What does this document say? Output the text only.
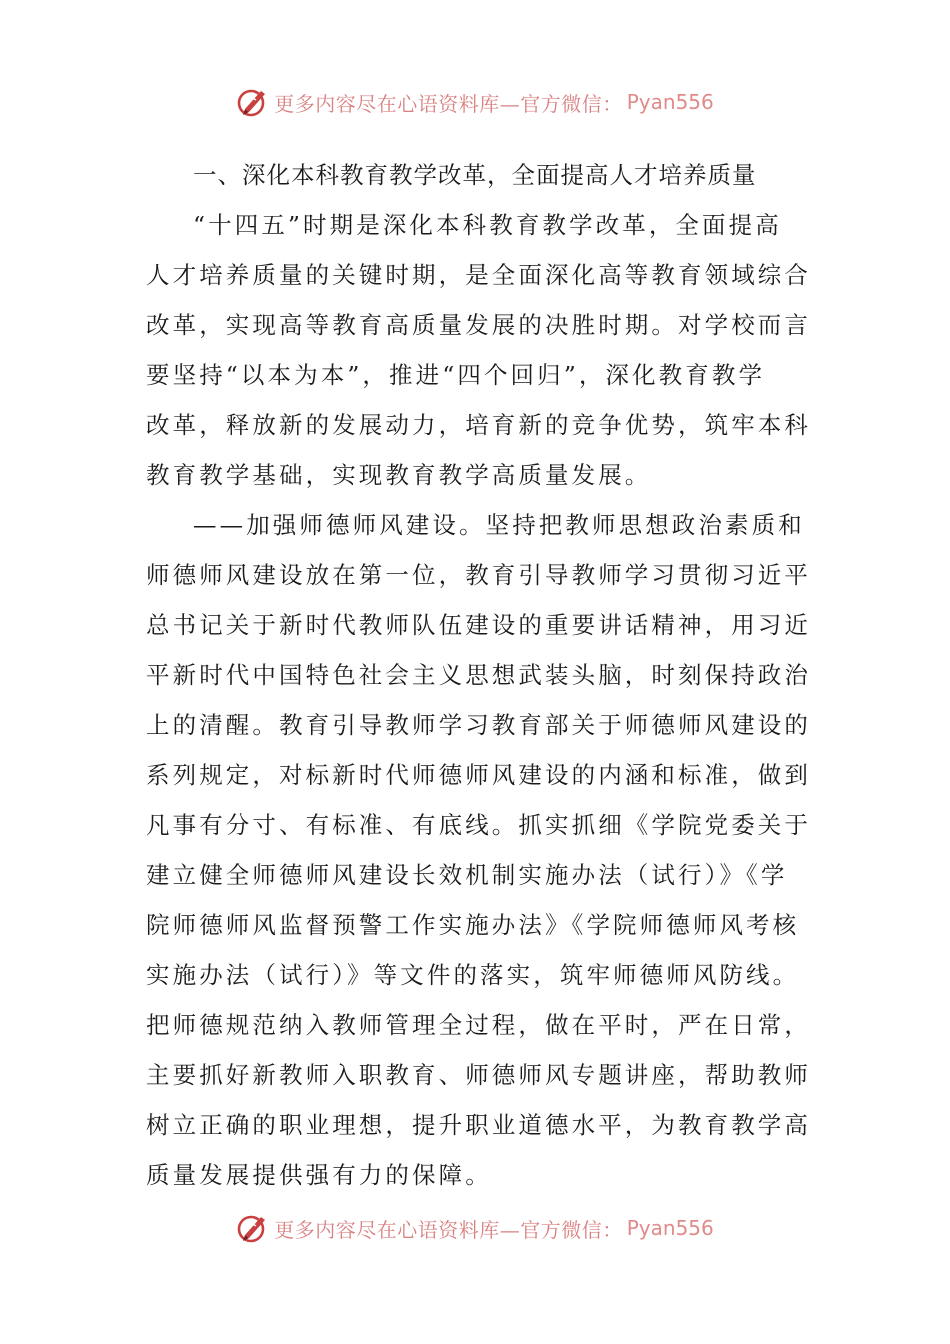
更多内容尽在心语资料库—官方微信： Pyan556
一、深化本科教育教学改革，全面提高人才培养质量

“十四五”时期是深化本科教育教学改革，全面提高
人才培养质量的关键时期，是全面深化高等教育领域综合
改革，实现高等教育高质量发展的决胜时期。对学校而言
要坚持“以本为本”，推进“四个回归”，深化教育教学
改革，释放新的发展动力，培育新的竞争优势，筑牢本科
教育教学基础，实现教育教学高质量发展。

——加强师德师风建设。坚持把教师思想政治素质和
师德师风建设放在第一位，教育引导教师学习贯彻习近平
总书记关于新时代教师队伍建设的重要讲话精神，用习近
平新时代中国特色社会主义思想武装头脑，时刻保持政治
上的清醒。教育引导教师学习教育部关于师德师风建设的
系列规定，对标新时代师德师风建设的内涵和标准，做到
凡事有分寸、有标准、有底线。抓实抓细《学院党委关于
建立健全师德师风建设长效机制实施办法（试行）》《学
院师德师风监督预警工作实施办法》《学院师德师风考核
实施办法（试行）》等文件的落实，筑牢师德师风防线。
把师德规范纳入教师管理全过程，做在平时，严在日常，
主要抓好新教师入职教育、师德师风专题讲座，帮助教师
树立正确的职业理想，提升职业道德水平，为教育教学高
质量发展提供强有力的保障。

更多内容尽在心语资料库—官方微信： Pyan556
